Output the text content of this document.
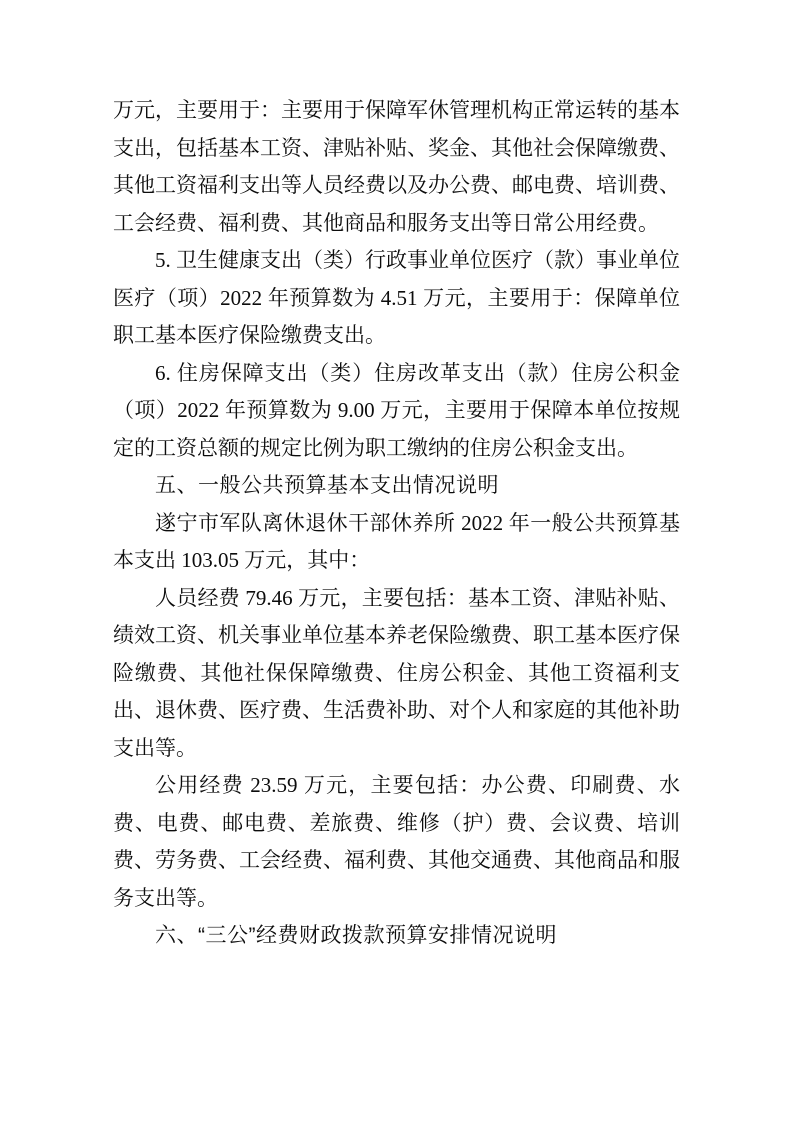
万元，主要用于：主要用于保障军休管理机构正常运转的基本支出，包括基本工资、津贴补贴、奖金、其他社会保障缴费、其他工资福利支出等人员经费以及办公费、邮电费、培训费、工会经费、福利费、其他商品和服务支出等日常公用经费。

5. 卫生健康支出（类）行政事业单位医疗（款）事业单位医疗（项）2022 年预算数为 4.51 万元，主要用于：保障单位职工基本医疗保险缴费支出。

6. 住房保障支出（类）住房改革支出（款）住房公积金（项）2022 年预算数为 9.00 万元，主要用于保障本单位按规定的工资总额的规定比例为职工缴纳的住房公积金支出。

五、一般公共预算基本支出情况说明

遂宁市军队离休退休干部休养所 2022 年一般公共预算基本支出 103.05 万元，其中：

人员经费 79.46 万元，主要包括：基本工资、津贴补贴、绩效工资、机关事业单位基本养老保险缴费、职工基本医疗保险缴费、其他社保保障缴费、住房公积金、其他工资福利支出、退休费、医疗费、生活费补助、对个人和家庭的其他补助支出等。

公用经费 23.59 万元，主要包括：办公费、印刷费、水费、电费、邮电费、差旅费、维修（护）费、会议费、培训费、劳务费、工会经费、福利费、其他交通费、其他商品和服务支出等。

六、“三公”经费财政拨款预算安排情况说明
